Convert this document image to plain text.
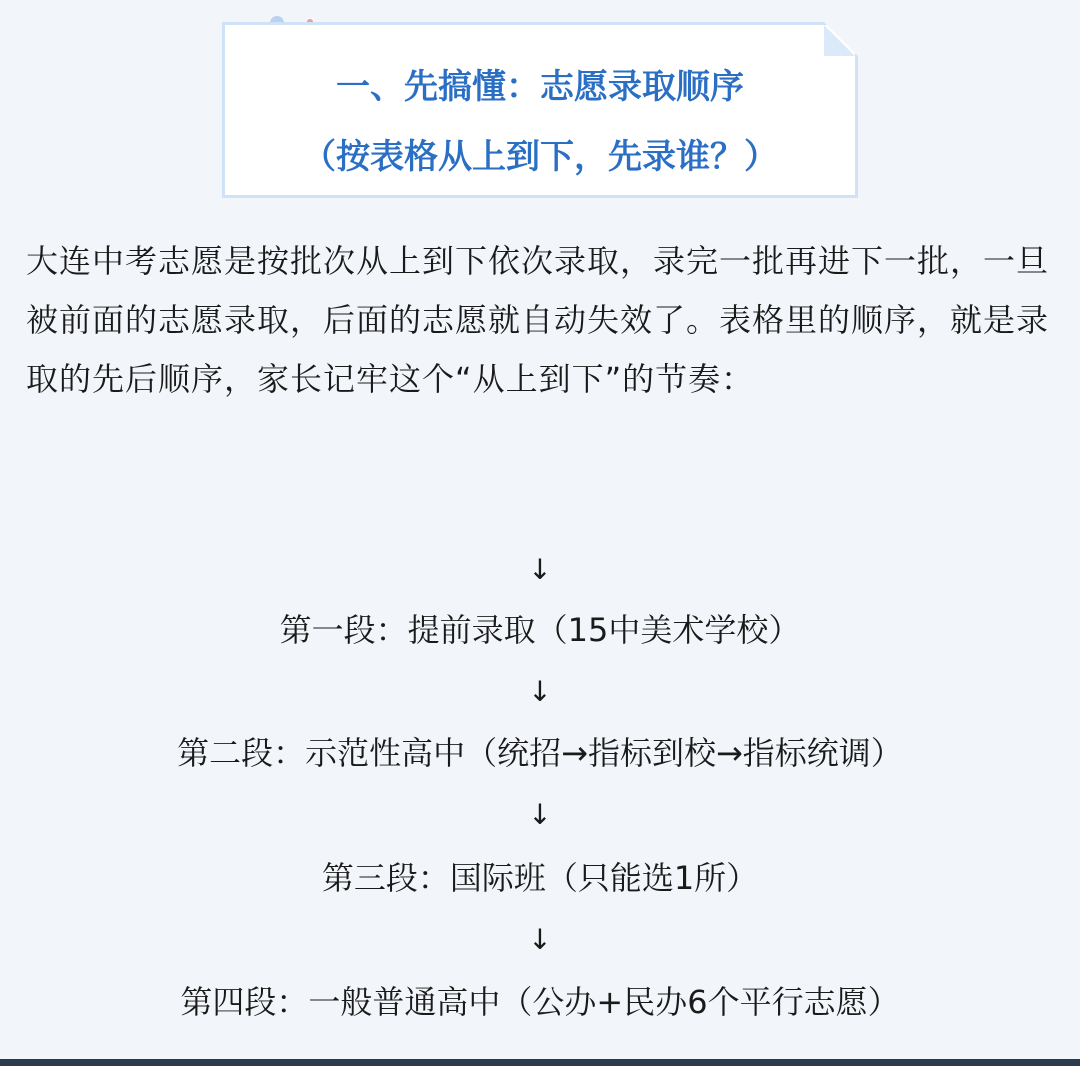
一、先搞懂：志愿录取顺序
（按表格从上到下，先录谁？）
大连中考志愿是按批次从上到下依次录取，录完一批再进下一批，一旦被前面的志愿录取，后面的志愿就自动失效了。表格里的顺序，就是录取的先后顺序，家长记牢这个“从上到下”的节奏：
↓
第一段：提前录取（15中美术学校）
↓
第二段：示范性高中（统招→指标到校→指标统调）
↓
第三段：国际班（只能选1所）
↓
第四段：一般普通高中（公办+民办6个平行志愿）
